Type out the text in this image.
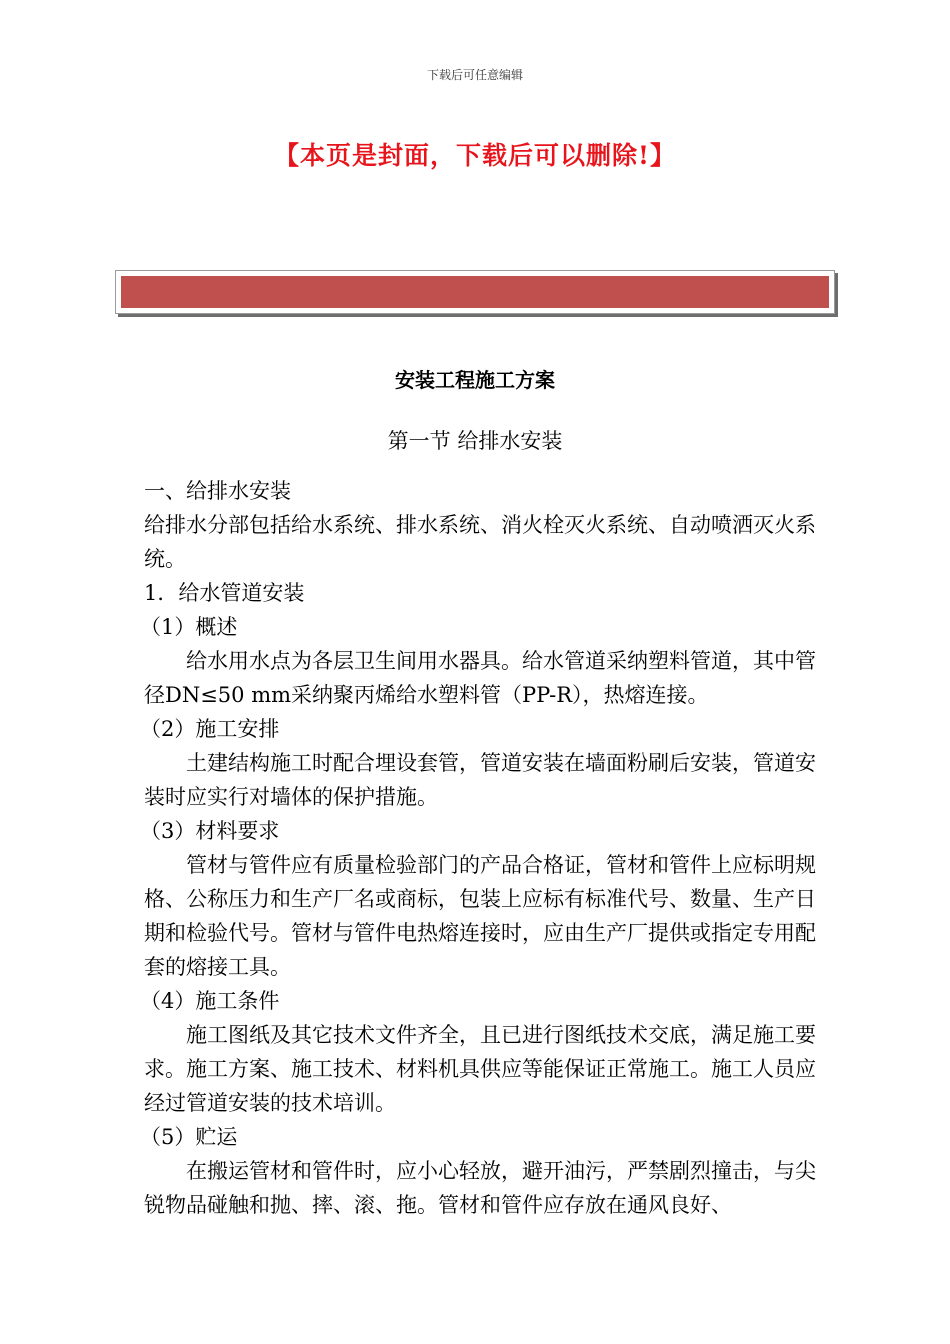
下载后可任意编辑
【本页是封面，下载后可以删除!】
安装工程施工方案
第一节 给排水安装

一、给排水安装

给排水分部包括给水系统、排水系统、消火栓灭火系统、自动喷洒灭火系统。

1．给水管道安装

（1）概述

给水用水点为各层卫生间用水器具。给水管道采纳塑料管道，其中管径DN≤50 mm采纳聚丙烯给水塑料管（PP-R），热熔连接。

（2）施工安排

土建结构施工时配合埋设套管，管道安装在墙面粉刷后安装，管道安装时应实行对墙体的保护措施。

（3）材料要求

管材与管件应有质量检验部门的产品合格证，管材和管件上应标明规格、公称压力和生产厂名或商标，包装上应标有标准代号、数量、生产日期和检验代号。管材与管件电热熔连接时，应由生产厂提供或指定专用配套的熔接工具。

（4）施工条件

施工图纸及其它技术文件齐全，且已进行图纸技术交底，满足施工要求。施工方案、施工技术、材料机具供应等能保证正常施工。施工人员应经过管道安装的技术培训。

（5）贮运

在搬运管材和管件时，应小心轻放，避开油污，严禁剧烈撞击，与尖锐物品碰触和抛、摔、滚、拖。管材和管件应存放在通风良好、
